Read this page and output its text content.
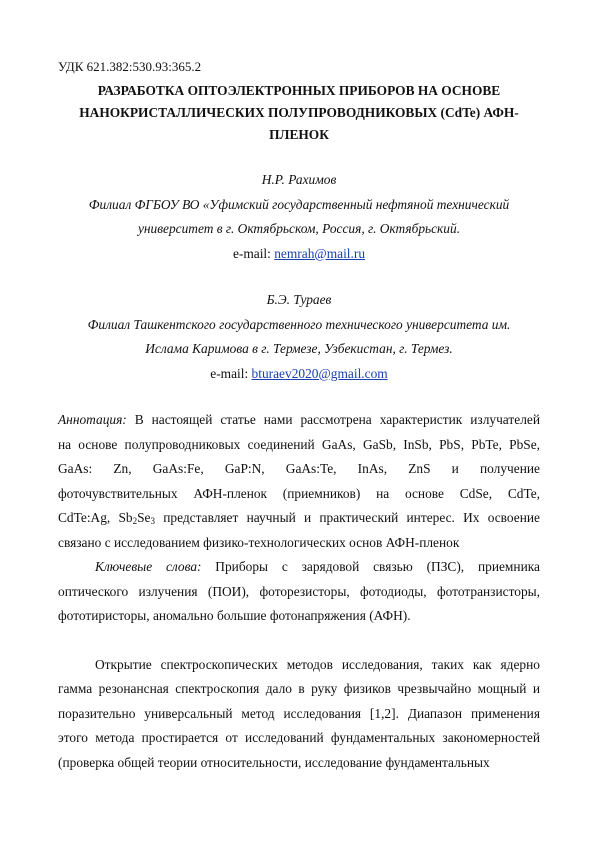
УДК 621.382:530.93:365.2
РАЗРАБОТКА ОПТОЭЛЕКТРОННЫХ ПРИБОРОВ НА ОСНОВЕ
НАНОКРИСТАЛЛИЧЕСКИХ ПОЛУПРОВОДНИКОВЫХ (CdTe) АФН-
ПЛЕНОК
Н.Р. Рахимов
Филиал ФГБОУ ВО «Уфимский государственный нефтяной технический
университет в г. Октябрьском, Россия, г. Октябрьский.
e-mail: nemrah@mail.ru
Б.Э. Тураев
Филиал Ташкентского государственного технического университета им.
Ислама Каримова в г. Термезе, Узбекистан, г. Термез.
e-mail: bturaev2020@gmail.com
Аннотация: В настоящей статье нами рассмотрена характеристик излучателей
на основе полупроводниковых соединений GaAs, GaSb, InSb, PbS, PbTe, PbSe,
GaAs: Zn, GaAs:Fe, GaP:N, GaAs:Te, InAs, ZnS и получение
фоточувствительных АФН-пленок (приемников) на основе CdSe, CdTe,
CdTe:Ag, $Sb_2Se_3$ представляет научный и практический интерес. Их освоение
связано с исследованием физико-технологических основ АФН-пленок

Ключевые слова: Приборы с зарядовой связью (ПЗС), приемника оптического излучения (ПОИ), фоторезисторы, фотодиоды, фототранзисторы, фототиристоры, аномально большие фотонапряжения (АФН).

Открытие спектроскопических методов исследования, таких как ядерно гамма резонансная спектроскопия дало в руку физиков чрезвычайно мощный и поразительно универсальный метод исследования [1,2]. Диапазон применения этого метода простирается от исследований фундаментальных закономерностей (проверка общей теории относительности, исследование фундаментальных
